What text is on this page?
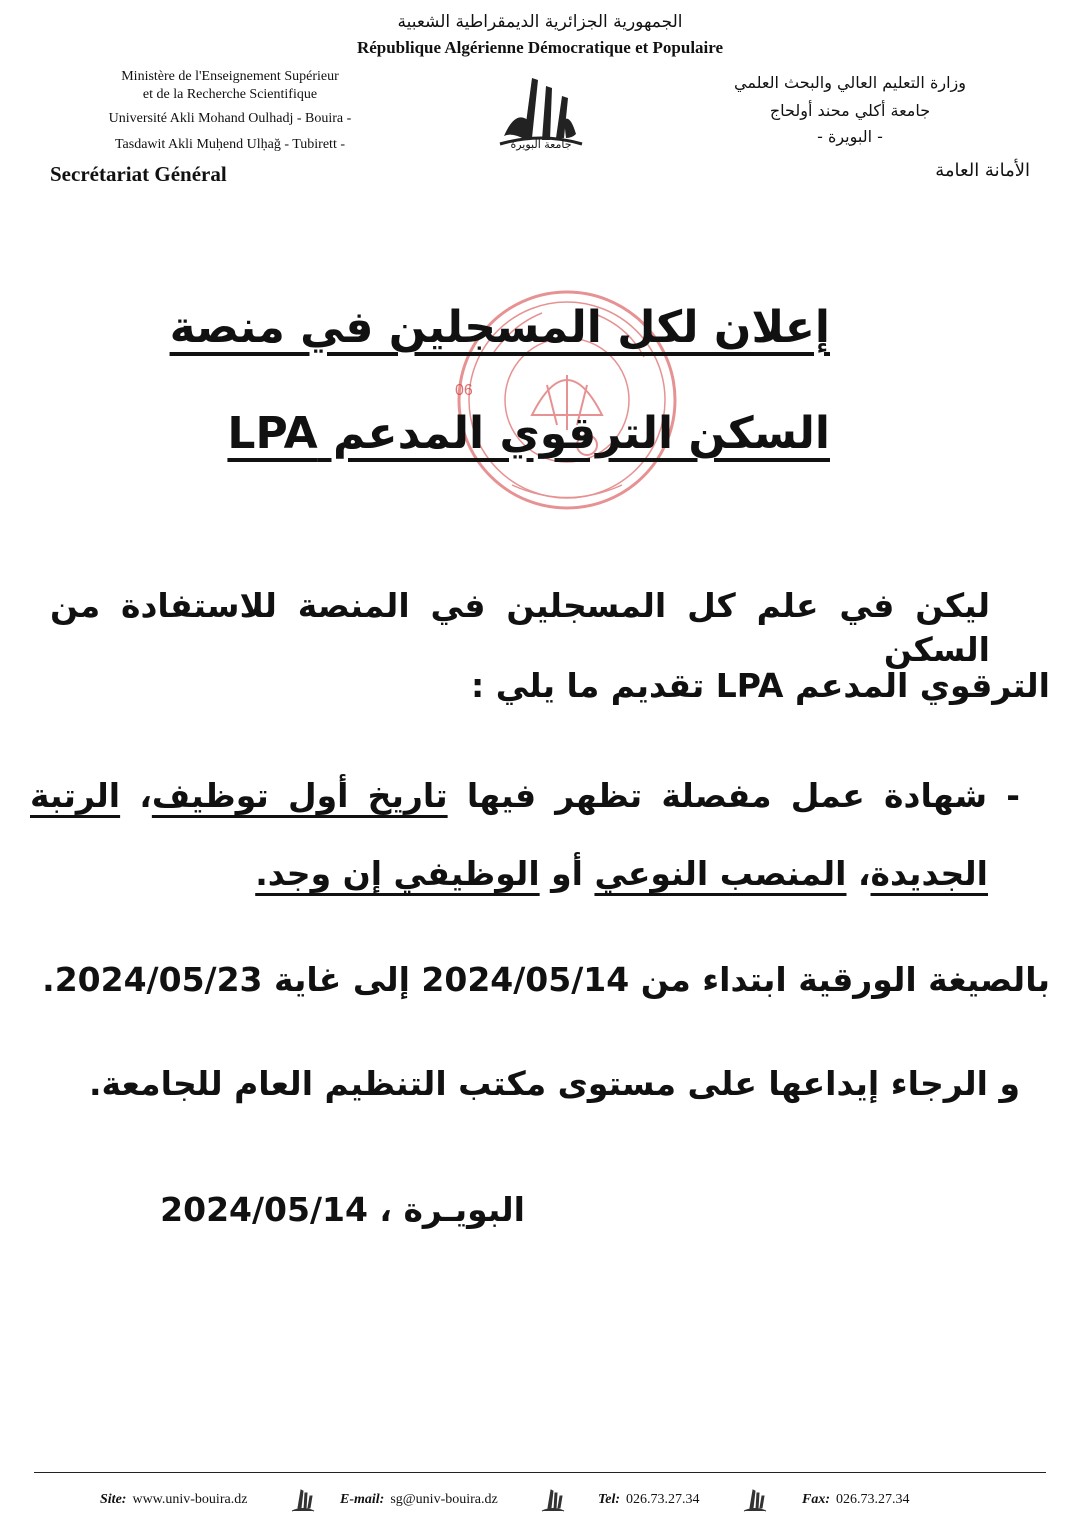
الجمهورية الجزائرية الديمقراطية الشعبية
République Algérienne Démocratique et Populaire
Ministère de l'Enseignement Supérieur
et de la Recherche Scientifique
Université Akli Mohand Oulhadj - Bouira -
Tasdawit Akli Muḥend Ulḥağ - Tubirett -
وزارة التعليم العالي والبحث العلمي
جامعة أكلي محند أولحاج
- البويرة -
Secrétariat Général	الأمانة العامة
جامعة البويرة
06
إعلان لكل المسجلين في منصة
السكن الترقوي المدعم LPA
ليكن في علم كل المسجلين في المنصة للاستفادة من السكن
الترقوي المدعم LPA تقديم ما يلي :
- شهادة عمل مفصلة تظهر فيها تاريخ أول توظيف، الرتبة
الجديدة، المنصب النوعي أو الوظيفي إن وجد.
بالصيغة الورقية ابتداء من 2024/05/14 إلى غاية 2024/05/23.
و الرجاء إيداعها على مستوى مكتب التنظيم العام للجامعة.
البويـرة ، 2024/05/14
Site: www.univ-bouira.dz	E-mail: sg@univ-bouira.dz	Tel: 026.73.27.34	Fax: 026.73.27.34
